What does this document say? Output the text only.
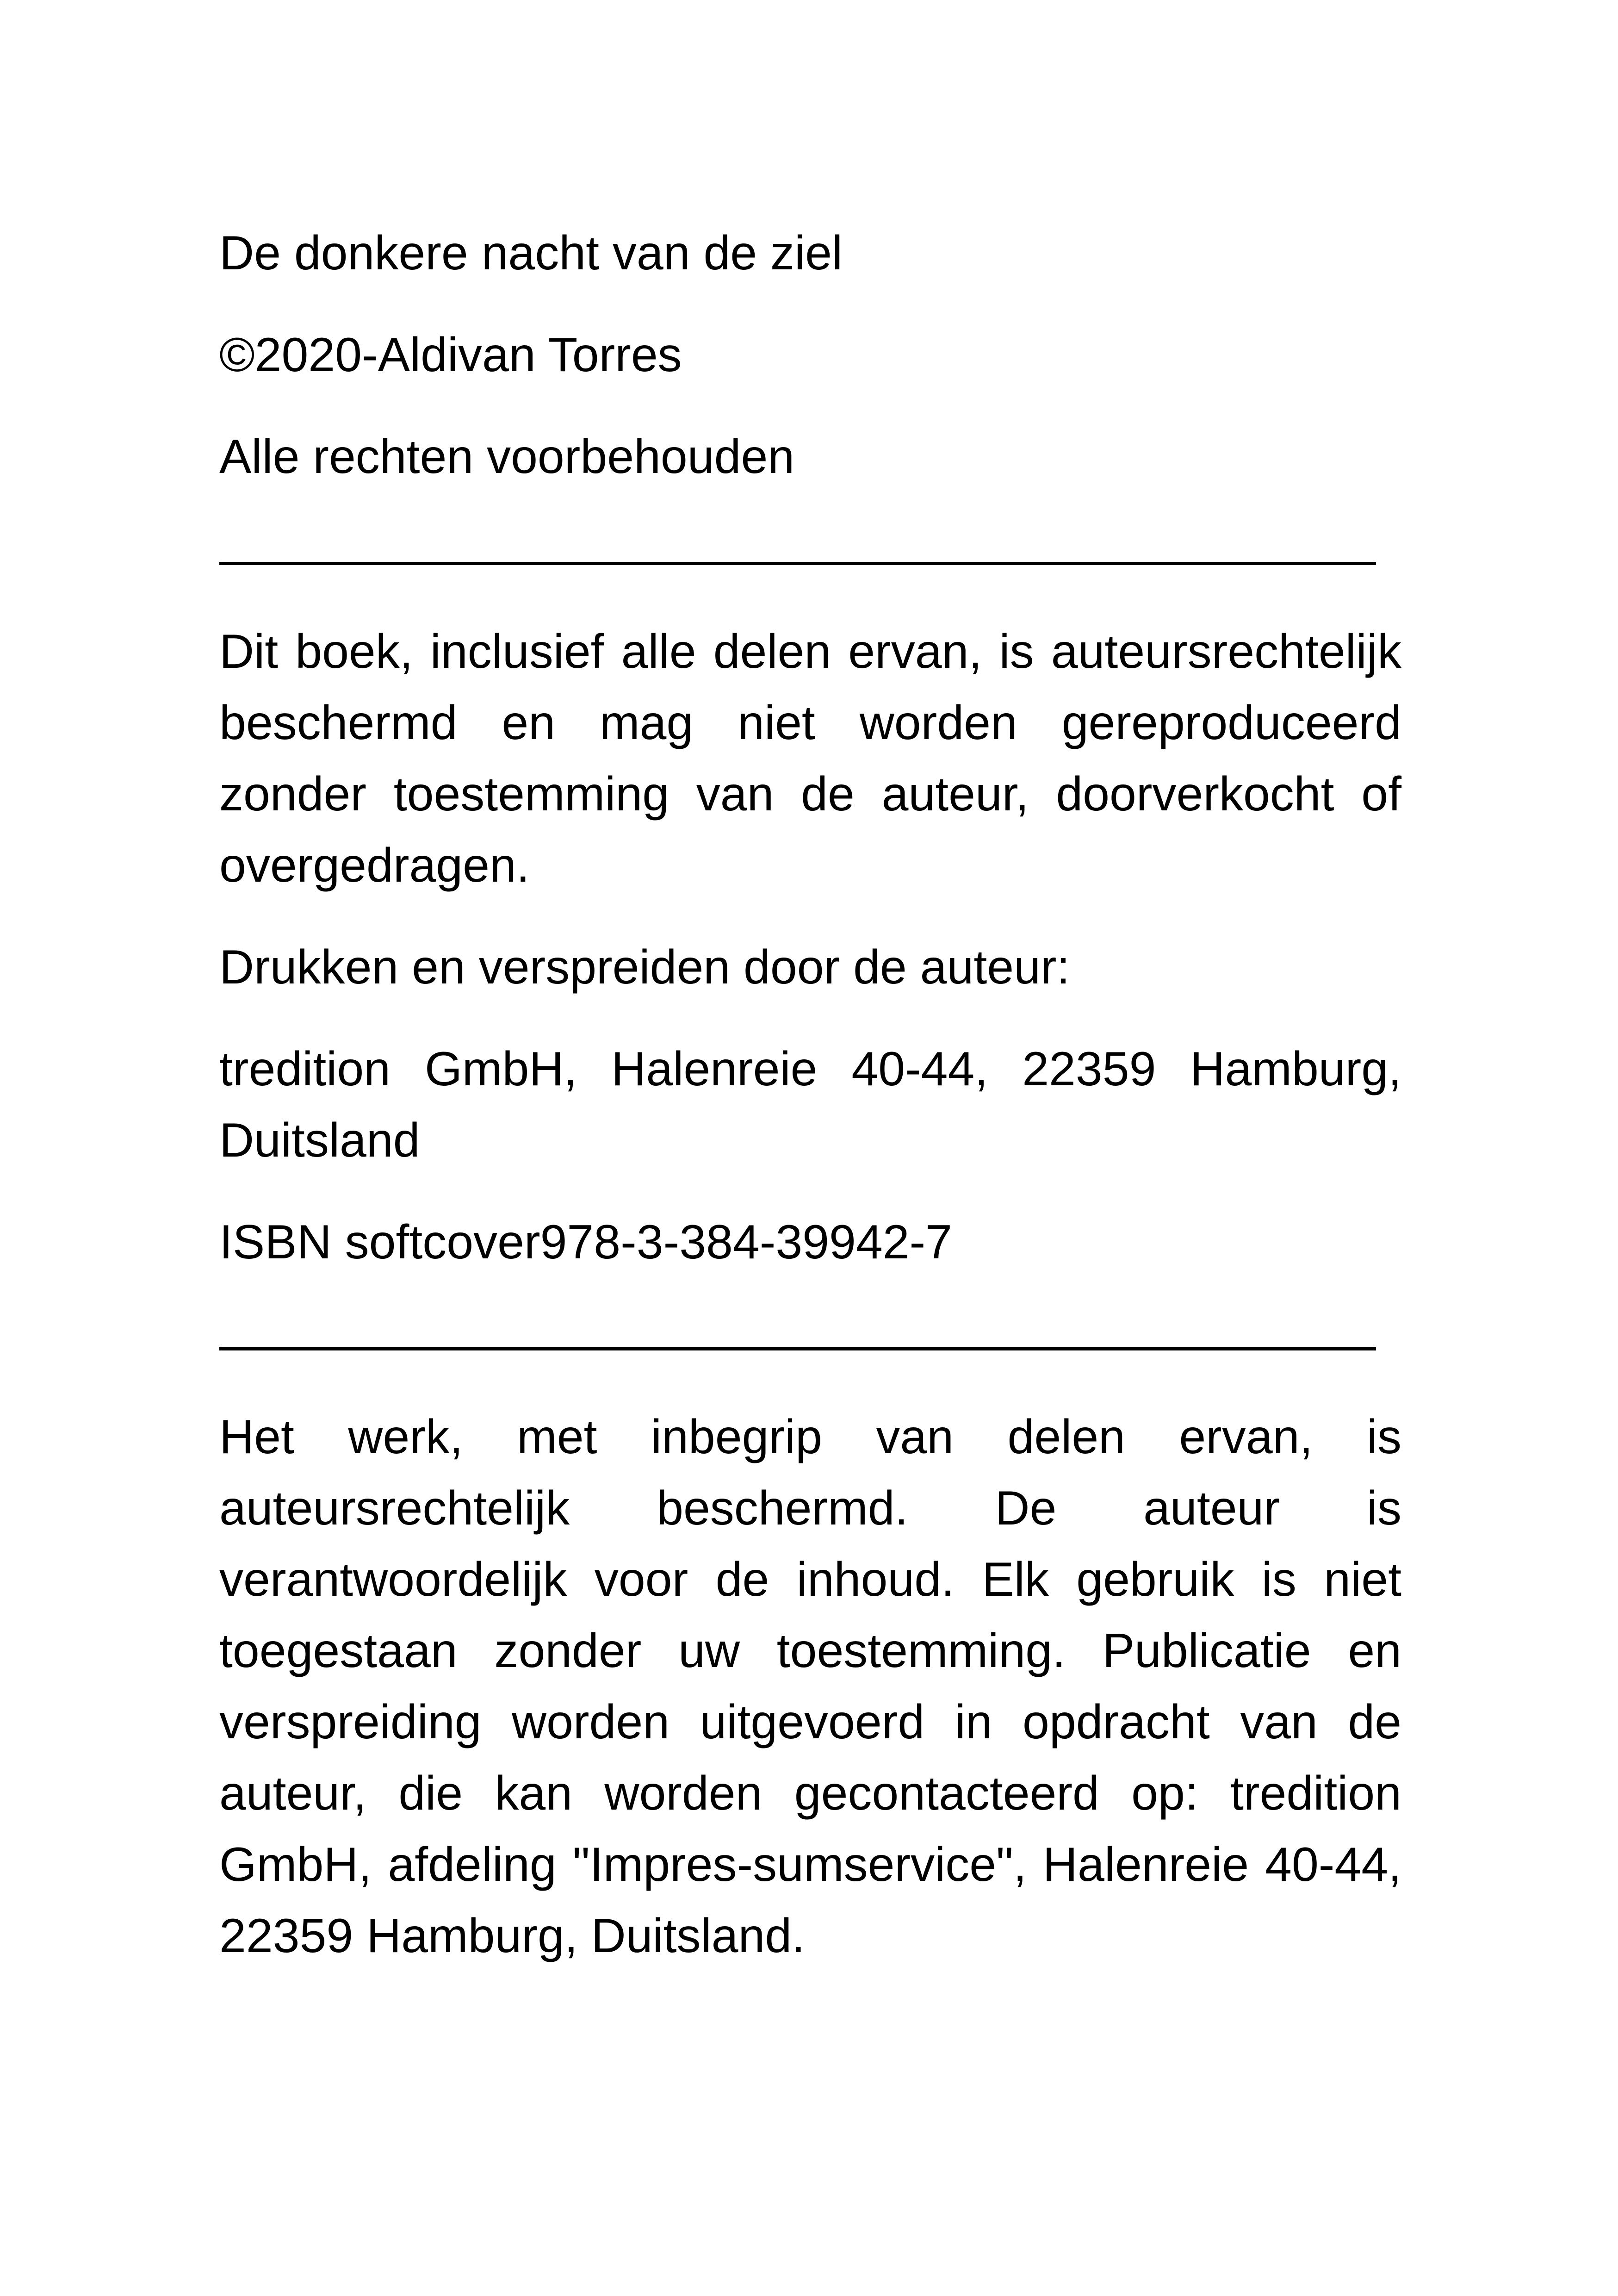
De donkere nacht van de ziel

©2020-Aldivan Torres

Alle rechten voorbehouden

Dit boek, inclusief alle delen ervan, is auteursrechtelijk beschermd en mag niet worden gereproduceerd zonder toestemming van de auteur, doorverkocht of overgedragen.

Drukken en verspreiden door de auteur:

tredition GmbH, Halenreie 40-44, 22359 Hamburg, Duitsland

ISBN softcover978-3-384-39942-7

Het werk, met inbegrip van delen ervan, is auteursrechtelijk beschermd. De auteur is verantwoordelijk voor de inhoud. Elk gebruik is niet toegestaan zonder uw toestemming. Publicatie en verspreiding worden uitgevoerd in opdracht van de auteur, die kan worden gecontacteerd op: tredition GmbH, afdeling "Impres-sumservice", Halenreie 40-44, 22359 Hamburg, Duitsland.
